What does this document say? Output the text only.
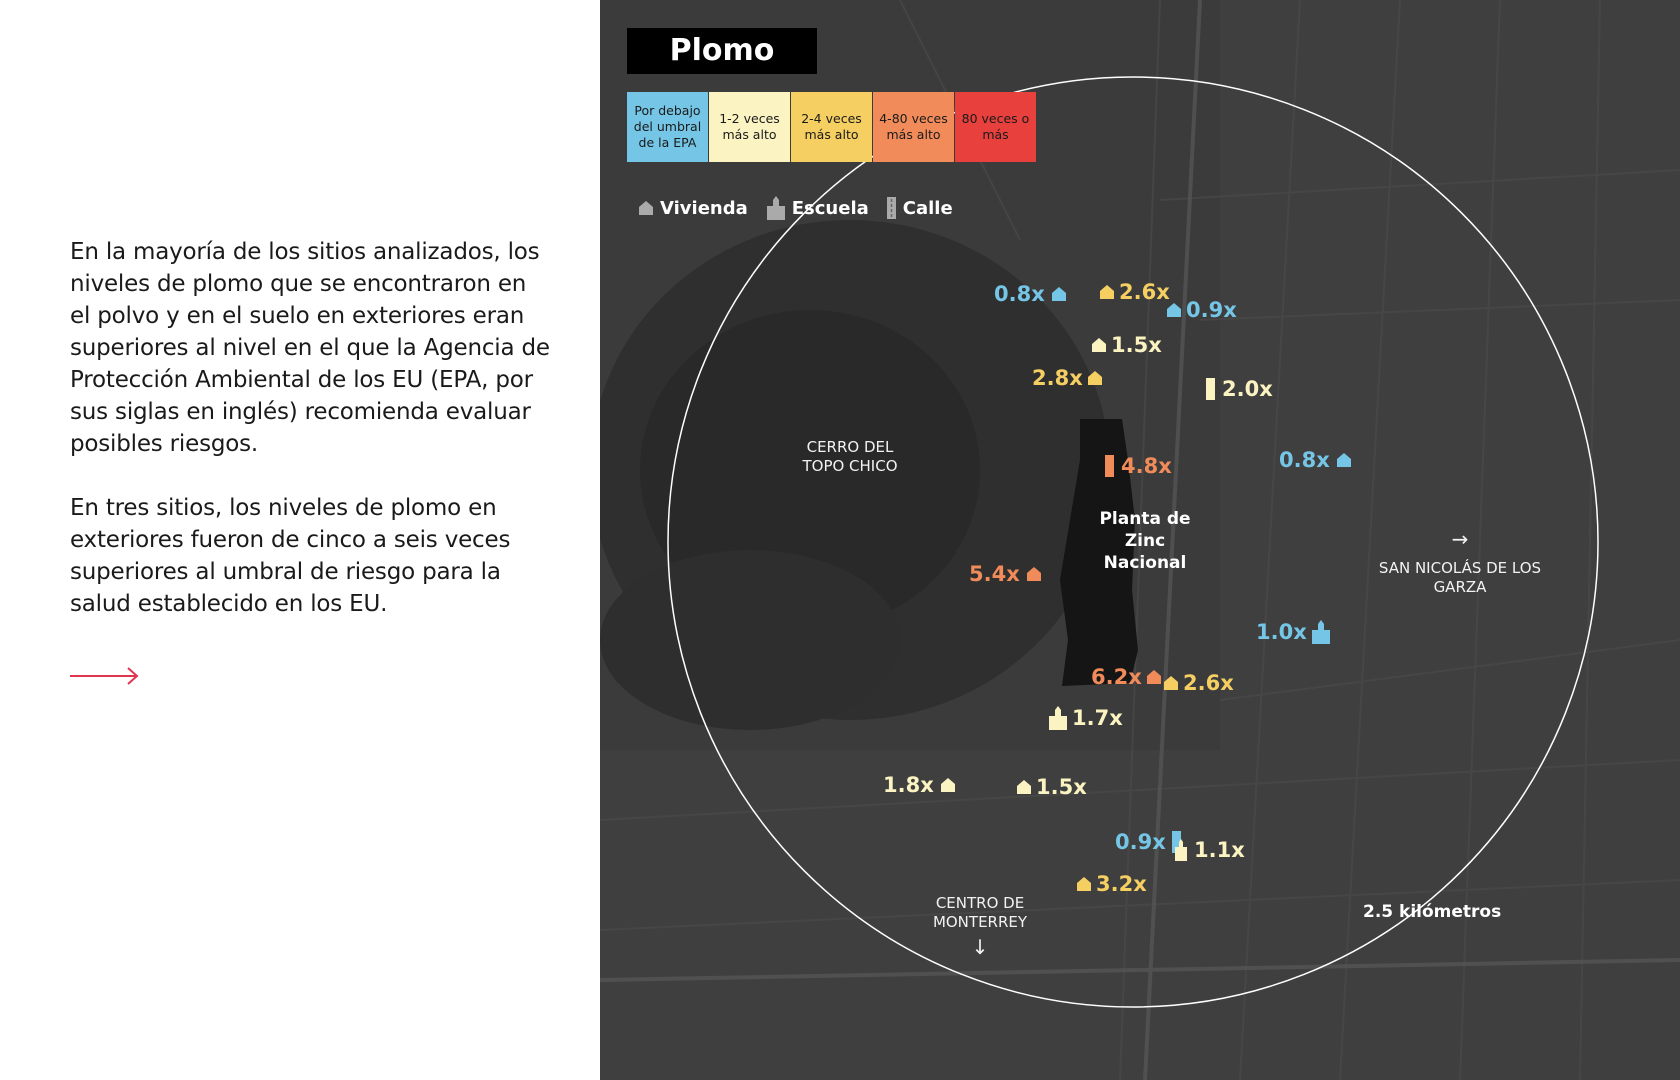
En la mayoría de los sitios analizados, los niveles de plomo que se encontraron en el polvo y en el suelo en exteriores eran superiores al nivel en el que la Agencia de Protección Ambiental de los EU (EPA, por sus siglas en inglés) recomienda evaluar posibles riesgos.

En tres sitios, los niveles de plomo en exteriores fueron de cinco a seis veces superiores al umbral de riesgo para la salud establecido en los EU.

Plomo
Por debajo del umbral de la EPA
1-2 veces más alto
2-4 veces más alto
4-80 veces más alto
80 veces o más
Vivienda Escuela Calle
CERRO DEL TOPO CHICO
→
SAN NICOLÁS DE LOS GARZA
CENTRO DE MONTERREY
↓
Planta de Zinc Nacional
2.5 kilómetros
0.8x	2.6x
0.9x
1.5x
2.8x	2.0x
4.8x	0.8x
5.4x
1.0x
6.2x 2.6x
1.7x
1.8x	1.5x
0.9x 1.1x
3.2x
